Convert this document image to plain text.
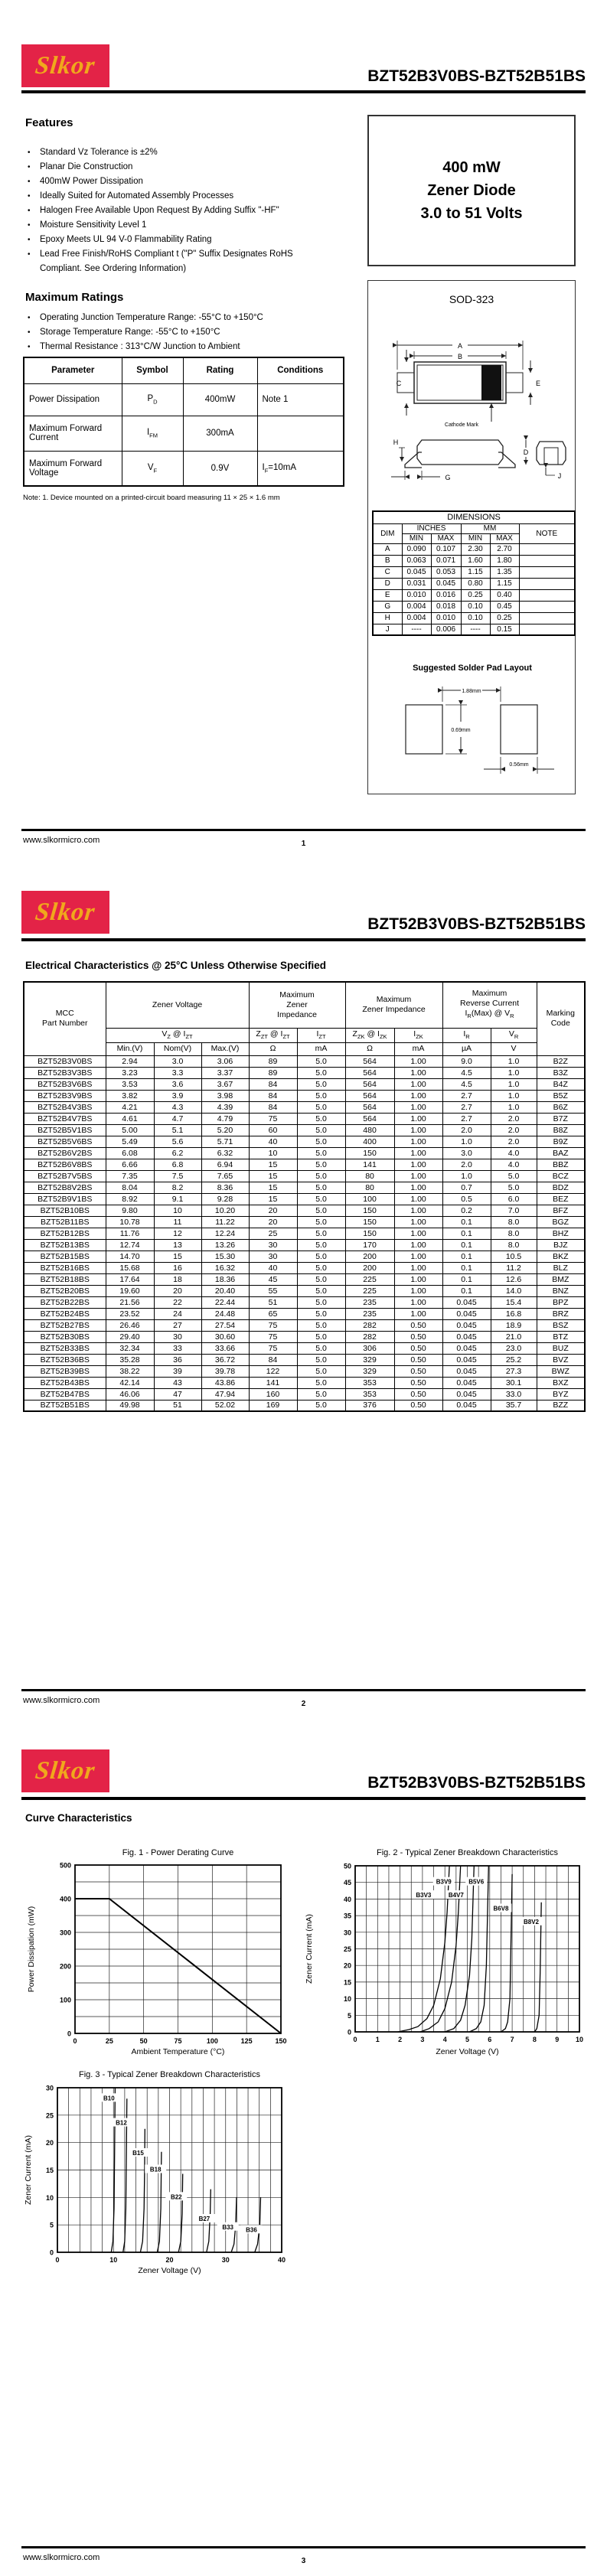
Slkor	BZT52B3V0BS-BZT52B51BS
Features
• Standard Vz Tolerance is ±2%
• Planar Die Construction
• 400mW Power Dissipation
• Ideally Suited for Automated Assembly Processes
• Halogen Free Available Upon Request By Adding Suffix "-HF"
• Moisture Sensitivity Level 1
• Epoxy Meets UL 94 V-0 Flammability Rating
• Lead Free Finish/RoHS Compliant t ("P" Suffix Designates RoHS Compliant. See Ordering Information)
400 mW
Zener Diode
3.0 to 51 Volts
Maximum Ratings
• Operating Junction Temperature Range: -55°C to +150°C
• Storage Temperature Range: -55°C to +150°C
• Thermal Resistance : 313°C/W Junction to Ambient
Parameter	Symbol	Rating	Conditions
Power Dissipation	$P_D$	400mW	Note 1
Maximum Forward Current	$I_{FM}$	300mA	
Maximum Forward Voltage	$V_F$	0.9V	$I_F=10mA$
Note: 1. Device mounted on a printed-circuit board measuring 11 × 25 × 1.6 mm
SOD-323
A
B
C	E
Cathode Mark
H
D
G	J
DIMENSIONS					
DIM	INCHES		MM		NOTE
	MIN	MAX	MIN	MAX	
A	0.090	0.107	2.30	2.70	
B	0.063	0.071	1.60	1.80	
C	0.045	0.053	1.15	1.35	
D	0.031	0.045	0.80	1.15	
E	0.010	0.016	0.25	0.40	
G	0.004	0.018	0.10	0.45	
H	0.004	0.010	0.10	0.25	
J	----	0.006	----	0.15	
Suggested Solder Pad Layout
1.88mm
0.69mm
0.56mm
www.slkormicro.com	1
Slkor	BZT52B3V0BS-BZT52B51BS
Electrical Characteristics @ 25°C Unless Otherwise Specified
MCC
Part Number	Zener Voltage			Maximum
Zener
Impedance		Maximum
Zener Impedance		Maximum
Reverse Current
$I_R(Max)$ @ $V_R$		Marking
Code
	$V_Z$ @ $I_{ZT}$			$Z_{ZT}$ @ $I_{ZT}$	$I_{ZT}$	$Z_{ZK}$ @ $I_{ZK}$	$I_{ZK}$	$I_R$	$V_R$
	Min.(V)	Nom(V)	Max.(V)	Ω	mA	Ω	mA	µA	V	
BZT52B3V0BS	2.94	3.0	3.06	89	5.0	564	1.00	9.0	1.0	B2Z
BZT52B3V3BS	3.23	3.3	3.37	89	5.0	564	1.00	4.5	1.0	B3Z
BZT52B3V6BS	3.53	3.6	3.67	84	5.0	564	1.00	4.5	1.0	B4Z
BZT52B3V9BS	3.82	3.9	3.98	84	5.0	564	1.00	2.7	1.0	B5Z
BZT52B4V3BS	4.21	4.3	4.39	84	5.0	564	1.00	2.7	1.0	B6Z
BZT52B4V7BS	4.61	4.7	4.79	75	5.0	564	1.00	2.7	2.0	B7Z
BZT52B5V1BS	5.00	5.1	5.20	60	5.0	480	1.00	2.0	2.0	B8Z
BZT52B5V6BS	5.49	5.6	5.71	40	5.0	400	1.00	1.0	2.0	B9Z
BZT52B6V2BS	6.08	6.2	6.32	10	5.0	150	1.00	3.0	4.0	BAZ
BZT52B6V8BS	6.66	6.8	6.94	15	5.0	141	1.00	2.0	4.0	BBZ
BZT52B7V5BS	7.35	7.5	7.65	15	5.0	80	1.00	1.0	5.0	BCZ
BZT52B8V2BS	8.04	8.2	8.36	15	5.0	80	1.00	0.7	5.0	BDZ
BZT52B9V1BS	8.92	9.1	9.28	15	5.0	100	1.00	0.5	6.0	BEZ
BZT52B10BS	9.80	10	10.20	20	5.0	150	1.00	0.2	7.0	BFZ
BZT52B11BS	10.78	11	11.22	20	5.0	150	1.00	0.1	8.0	BGZ
BZT52B12BS	11.76	12	12.24	25	5.0	150	1.00	0.1	8.0	BHZ
BZT52B13BS	12.74	13	13.26	30	5.0	170	1.00	0.1	8.0	BJZ
BZT52B15BS	14.70	15	15.30	30	5.0	200	1.00	0.1	10.5	BKZ
BZT52B16BS	15.68	16	16.32	40	5.0	200	1.00	0.1	11.2	BLZ
BZT52B18BS	17.64	18	18.36	45	5.0	225	1.00	0.1	12.6	BMZ
BZT52B20BS	19.60	20	20.40	55	5.0	225	1.00	0.1	14.0	BNZ
BZT52B22BS	21.56	22	22.44	51	5.0	235	1.00	0.045	15.4	BPZ
BZT52B24BS	23.52	24	24.48	65	5.0	235	1.00	0.045	16.8	BRZ
BZT52B27BS	26.46	27	27.54	75	5.0	282	0.50	0.045	18.9	BSZ
BZT52B30BS	29.40	30	30.60	75	5.0	282	0.50	0.045	21.0	BTZ
BZT52B33BS	32.34	33	33.66	75	5.0	306	0.50	0.045	23.0	BUZ
BZT52B36BS	35.28	36	36.72	84	5.0	329	0.50	0.045	25.2	BVZ
BZT52B39BS	38.22	39	39.78	122	5.0	329	0.50	0.045	27.3	BWZ
BZT52B43BS	42.14	43	43.86	141	5.0	353	0.50	0.045	30.1	BXZ
BZT52B47BS	46.06	47	47.94	160	5.0	353	0.50	0.045	33.0	BYZ
BZT52B51BS	49.98	51	52.02	169	5.0	376	0.50	0.045	35.7	BZZ
www.slkormicro.com	2
Slkor	BZT52B3V0BS-BZT52B51BS
Curve Characteristics
0	25	50	75	100	125	150
0
100
200
300
400
500
Fig. 1 - Power Derating Curve
Ambient Temperature (°C)
Power Dissipation (mW)
0	1	2	3	4	5	6	7	8	9 10
0
5
10
15
20
25
30
35
40
45
50
B3V3
B3V9
B4V7
B5V6
B6V8
B8V2
Fig. 2 - Typical Zener Breakdown Characteristics
Zener Voltage (V)
Zener Current (mA)
0	10	20	30	40
0
5
10
15
20
25
30
B10
B12
B15
B18
B22
B27
B33 B36
Fig. 3 - Typical Zener Breakdown Characteristics
Zener Voltage (V)
Zener Current (mA)
www.slkormicro.com	3
